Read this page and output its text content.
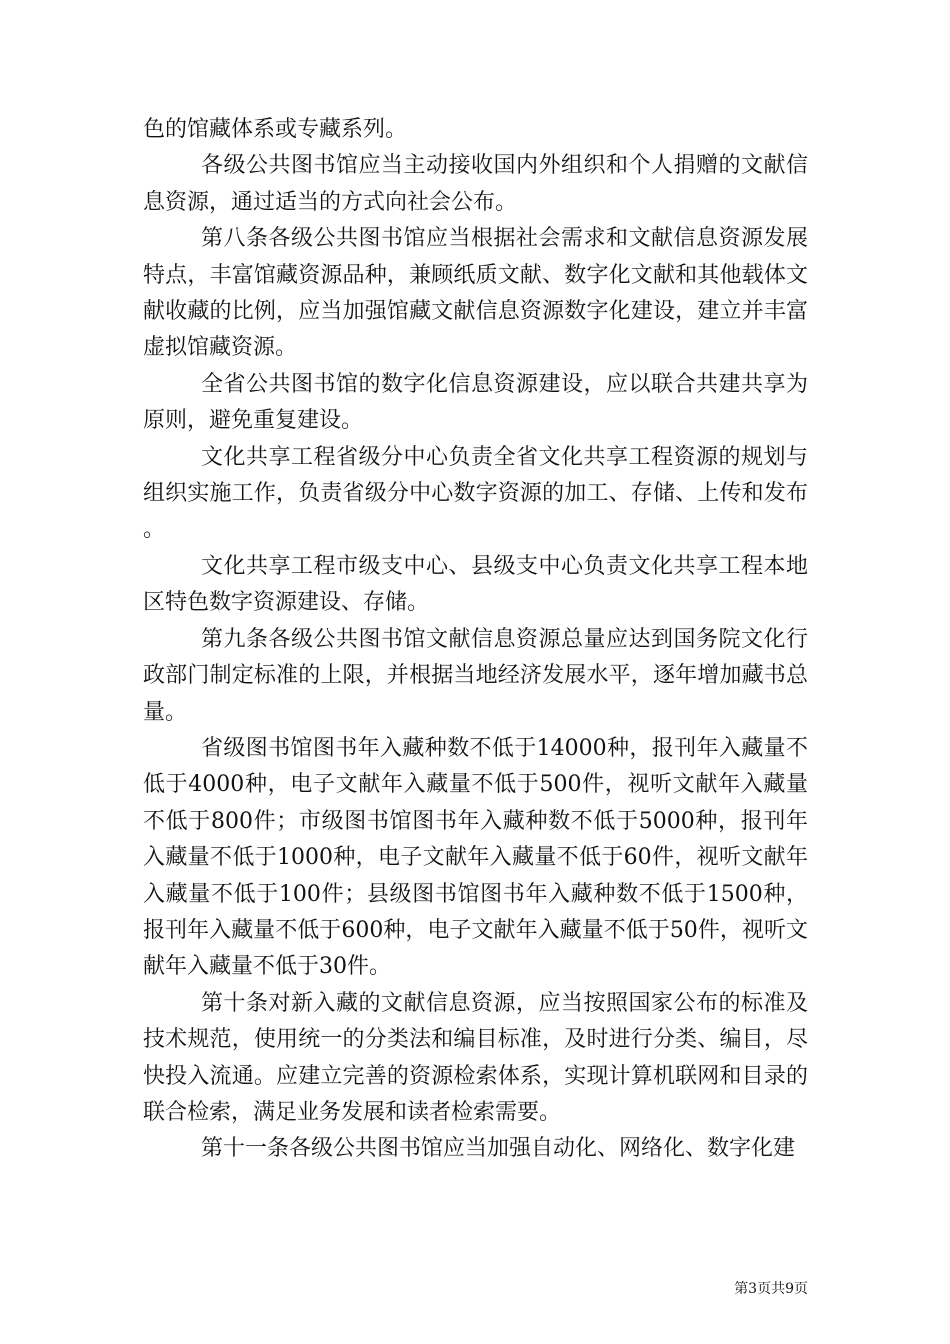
色的馆藏体系或专藏系列。

各级公共图书馆应当主动接收国内外组织和个人捐赠的文献信息资源，通过适当的方式向社会公布。

第八条各级公共图书馆应当根据社会需求和文献信息资源发展特点，丰富馆藏资源品种，兼顾纸质文献、数字化文献和其他载体文献收藏的比例，应当加强馆藏文献信息资源数字化建设，建立并丰富虚拟馆藏资源。

全省公共图书馆的数字化信息资源建设，应以联合共建共享为原则，避免重复建设。

文化共享工程省级分中心负责全省文化共享工程资源的规划与组织实施工作，负责省级分中心数字资源的加工、存储、上传和发布。

文化共享工程市级支中心、县级支中心负责文化共享工程本地区特色数字资源建设、存储。

第九条各级公共图书馆文献信息资源总量应达到国务院文化行政部门制定标准的上限，并根据当地经济发展水平，逐年增加藏书总量。

省级图书馆图书年入藏种数不低于14000种，报刊年入藏量不低于4000种，电子文献年入藏量不低于500件，视听文献年入藏量不低于800件；市级图书馆图书年入藏种数不低于5000种，报刊年入藏量不低于1000种，电子文献年入藏量不低于60件，视听文献年入藏量不低于100件；县级图书馆图书年入藏种数不低于1500种，报刊年入藏量不低于600种，电子文献年入藏量不低于50件，视听文献年入藏量不低于30件。

第十条对新入藏的文献信息资源，应当按照国家公布的标准及技术规范，使用统一的分类法和编目标准，及时进行分类、编目，尽快投入流通。应建立完善的资源检索体系，实现计算机联网和目录的联合检索，满足业务发展和读者检索需要。

第十一条各级公共图书馆应当加强自动化、网络化、数字化建

第3页共9页
